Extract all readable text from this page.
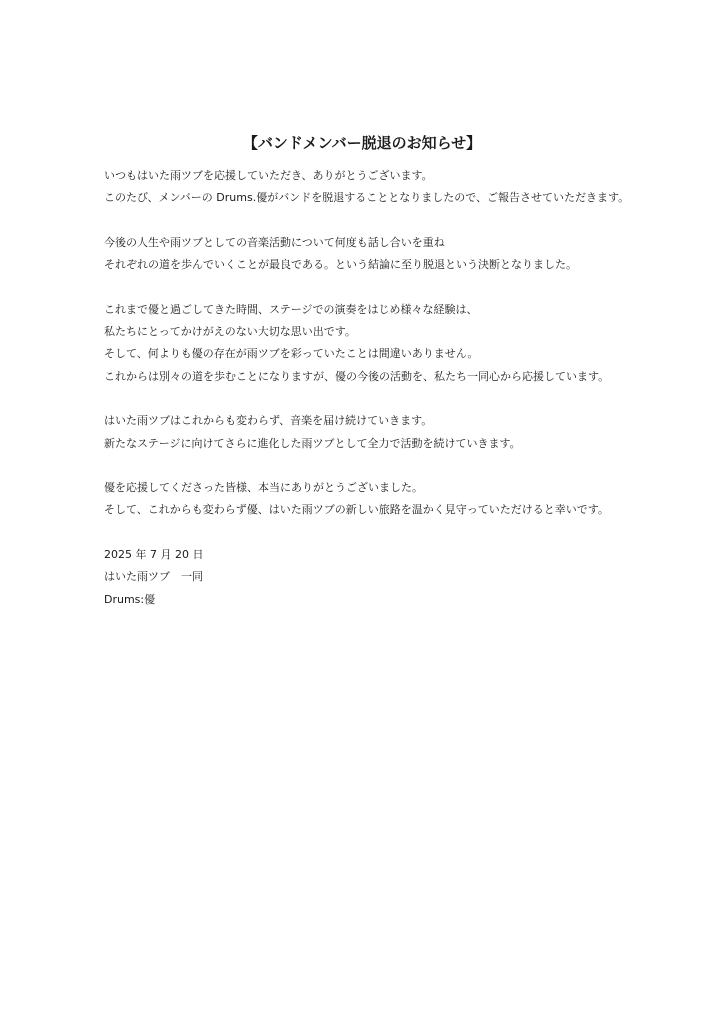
【バンドメンバー脱退のお知らせ】
いつもはいた雨ツブを応援していただき、ありがとうございます。
このたび、メンバーの Drums.優がバンドを脱退することとなりましたので、ご報告させていただきます。
今後の人生や雨ツブとしての音楽活動について何度も話し合いを重ね
それぞれの道を歩んでいくことが最良である。という結論に至り脱退という決断となりました。
これまで優と過ごしてきた時間、ステージでの演奏をはじめ様々な経験は、
私たちにとってかけがえのない大切な思い出です。
そして、何よりも優の存在が雨ツブを彩っていたことは間違いありません。
これからは別々の道を歩むことになりますが、優の今後の活動を、私たち一同心から応援しています。
はいた雨ツブはこれからも変わらず、音楽を届け続けていきます。
新たなステージに向けてさらに進化した雨ツブとして全力で活動を続けていきます。
優を応援してくださった皆様、本当にありがとうございました。
そして、これからも変わらず優、はいた雨ツブの新しい旅路を温かく見守っていただけると幸いです。
2025 年 7 月 20 日
はいた雨ツブ　一同
Drums:優
